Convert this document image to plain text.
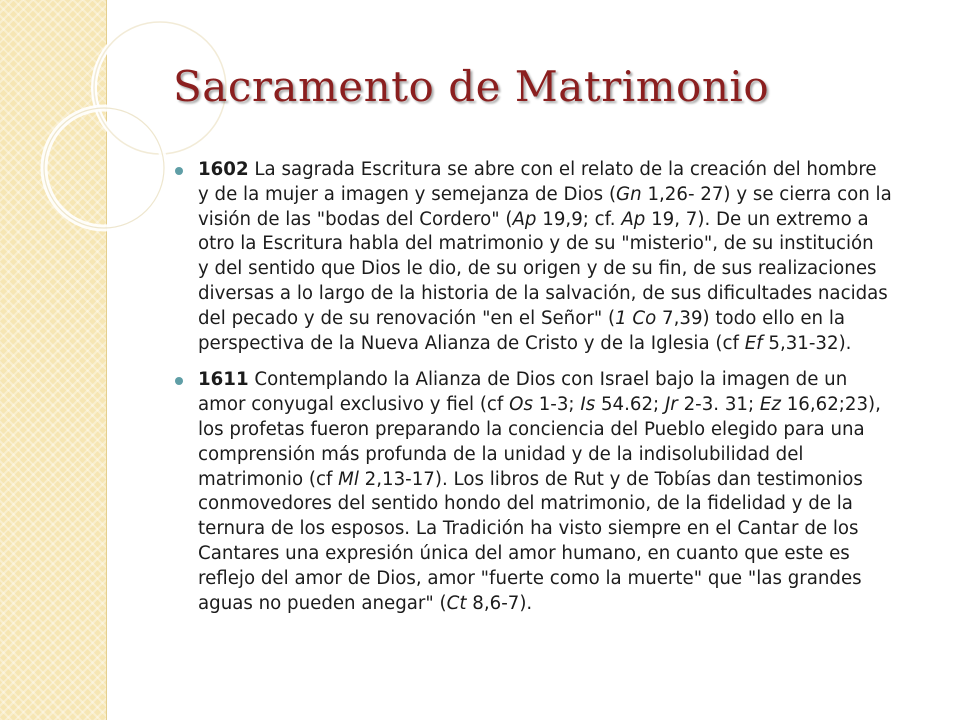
Sacramento de Matrimonio
1602 La sagrada Escritura se abre con el relato de la creación del hombre
y de la mujer a imagen y semejanza de Dios (Gn 1,26- 27) y se cierra con la
visión de las "bodas del Cordero" (Ap 19,9; cf. Ap 19, 7). De un extremo a
otro la Escritura habla del matrimonio y de su "misterio", de su institución
y del sentido que Dios le dio, de su origen y de su fin, de sus realizaciones
diversas a lo largo de la historia de la salvación, de sus dificultades nacidas
del pecado y de su renovación "en el Señor" (1 Co 7,39) todo ello en la
perspectiva de la Nueva Alianza de Cristo y de la Iglesia (cf Ef 5,31-32).
1611 Contemplando la Alianza de Dios con Israel bajo la imagen de un
amor conyugal exclusivo y fiel (cf Os 1-3; Is 54.62; Jr 2-3. 31; Ez 16,62;23),
los profetas fueron preparando la conciencia del Pueblo elegido para una
comprensión más profunda de la unidad y de la indisolubilidad del
matrimonio (cf Ml 2,13-17). Los libros de Rut y de Tobías dan testimonios
conmovedores del sentido hondo del matrimonio, de la fidelidad y de la
ternura de los esposos. La Tradición ha visto siempre en el Cantar de los
Cantares una expresión única del amor humano, en cuanto que este es
reflejo del amor de Dios, amor "fuerte como la muerte" que "las grandes
aguas no pueden anegar" (Ct 8,6-7).
